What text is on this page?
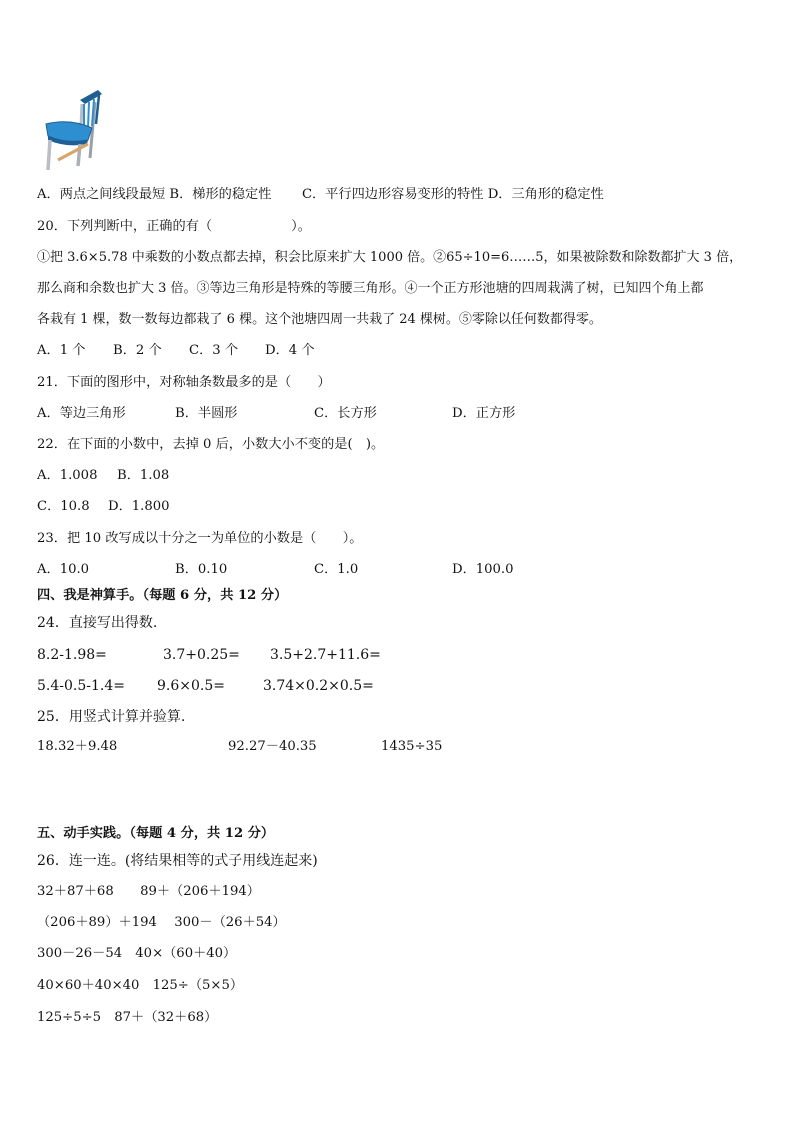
A．两点之间线段最短 B．梯形的稳定性 　　C．平行四边形容易变形的特性 D．三角形的稳定性
20．下列判断中，正确的有（　　　　　　）。
①把 3.6×5.78 中乘数的小数点都去掉，积会比原来扩大 1000 倍。②65÷10=6……5，如果被除数和除数都扩大 3 倍，
那么商和余数也扩大 3 倍。③等边三角形是特殊的等腰三角形。④一个正方形池塘的四周栽满了树，已知四个角上都
各栽有 1 棵，数一数每边都栽了 6 棵。这个池塘四周一共栽了 24 棵树。⑤零除以任何数都得零。
A．1 个 B．2 个 C．3 个 D．4 个
21．下面的图形中，对称轴条数最多的是（　　）
A．等边三角形	B．半圆形	C．长方形	D．正方形
22．在下面的小数中，去掉 0 后，小数大小不变的是(　)。
A．1.008 B．1.08
C．10.8 D．1.800
23．把 10 改写成以十分之一为单位的小数是（　　）。
A．10.0	B．0.10	C．1.0	D．100.0
四、我是神算手。（每题 6 分，共 12 分）
24．直接写出得数.
8.2-1.98=	3.7+0.25= 3.5+2.7+11.6=
5.4-0.5-1.4= 9.6×0.5=	3.74×0.2×0.5=
25．用竖式计算并验算.
18.32＋9.48	92.27－40.35	1435÷35
五、动手实践。（每题 4 分，共 12 分）
26．连一连。(将结果相等的式子用线连起来)
32＋87＋68　　89＋（206＋194）
（206＋89）＋194　 300－（26＋54）
300－26－54　40×（60＋40）
40×60＋40×40　125÷（5×5）
125÷5÷5　87＋（32＋68）
